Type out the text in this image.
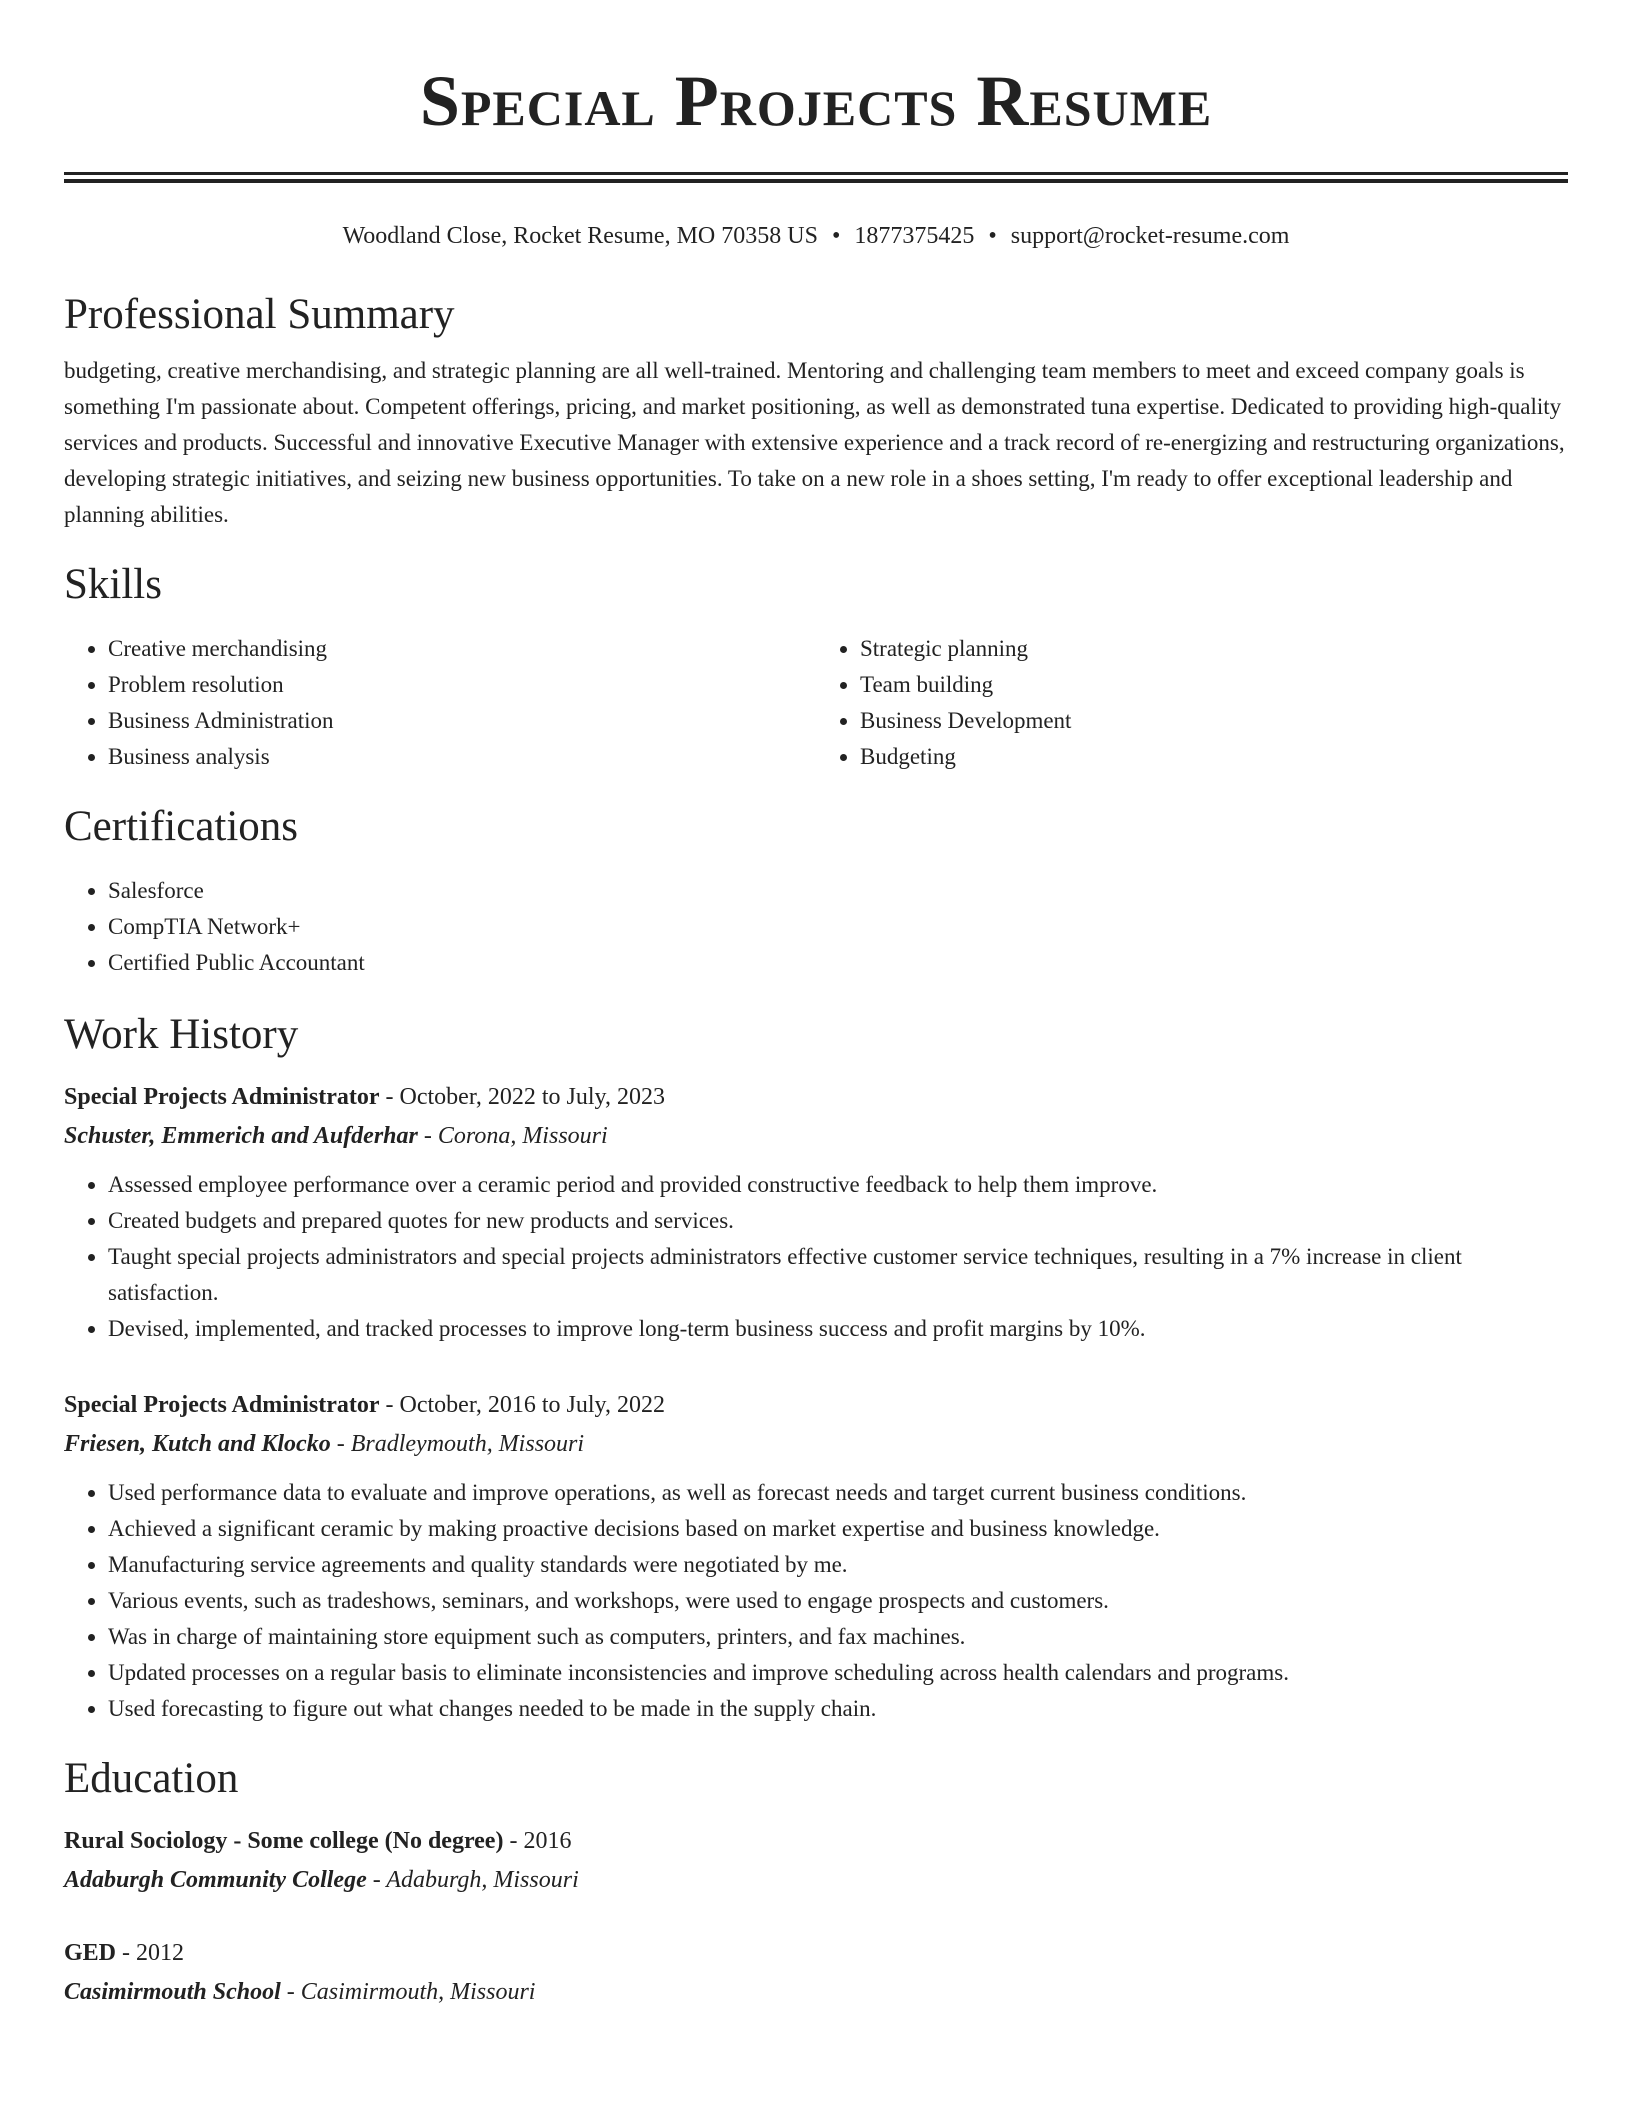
Special Projects Resume
Woodland Close, Rocket Resume, MO 70358 US • 1877375425 • support@rocket-resume.com
Professional Summary

budgeting, creative merchandising, and strategic planning are all well-trained. Mentoring and challenging team members to meet and exceed company goals is something I'm passionate about. Competent offerings, pricing, and market positioning, as well as demonstrated tuna expertise. Dedicated to providing high-quality services and products. Successful and innovative Executive Manager with extensive experience and a track record of re-energizing and restructuring organizations, developing strategic initiatives, and seizing new business opportunities. To take on a new role in a shoes setting, I'm ready to offer exceptional leadership and planning abilities.

Skills
• Creative merchandising
• Problem resolution
• Business Administration
• Business analysis
• Strategic planning
• Team building
• Business Development
• Budgeting
Certifications
• Salesforce
• CompTIA Network+
• Certified Public Accountant
Work History
Special Projects Administrator - October, 2022 to July, 2023
Schuster, Emmerich and Aufderhar - Corona, Missouri
• Assessed employee performance over a ceramic period and provided constructive feedback to help them improve.
• Created budgets and prepared quotes for new products and services.
• Taught special projects administrators and special projects administrators effective customer service techniques, resulting in a 7% increase in client satisfaction.
• Devised, implemented, and tracked processes to improve long-term business success and profit margins by 10%.
Special Projects Administrator - October, 2016 to July, 2022
Friesen, Kutch and Klocko - Bradleymouth, Missouri
• Used performance data to evaluate and improve operations, as well as forecast needs and target current business conditions.
• Achieved a significant ceramic by making proactive decisions based on market expertise and business knowledge.
• Manufacturing service agreements and quality standards were negotiated by me.
• Various events, such as tradeshows, seminars, and workshops, were used to engage prospects and customers.
• Was in charge of maintaining store equipment such as computers, printers, and fax machines.
• Updated processes on a regular basis to eliminate inconsistencies and improve scheduling across health calendars and programs.
• Used forecasting to figure out what changes needed to be made in the supply chain.
Education
Rural Sociology - Some college (No degree) - 2016
Adaburgh Community College - Adaburgh, Missouri
GED - 2012
Casimirmouth School - Casimirmouth, Missouri
